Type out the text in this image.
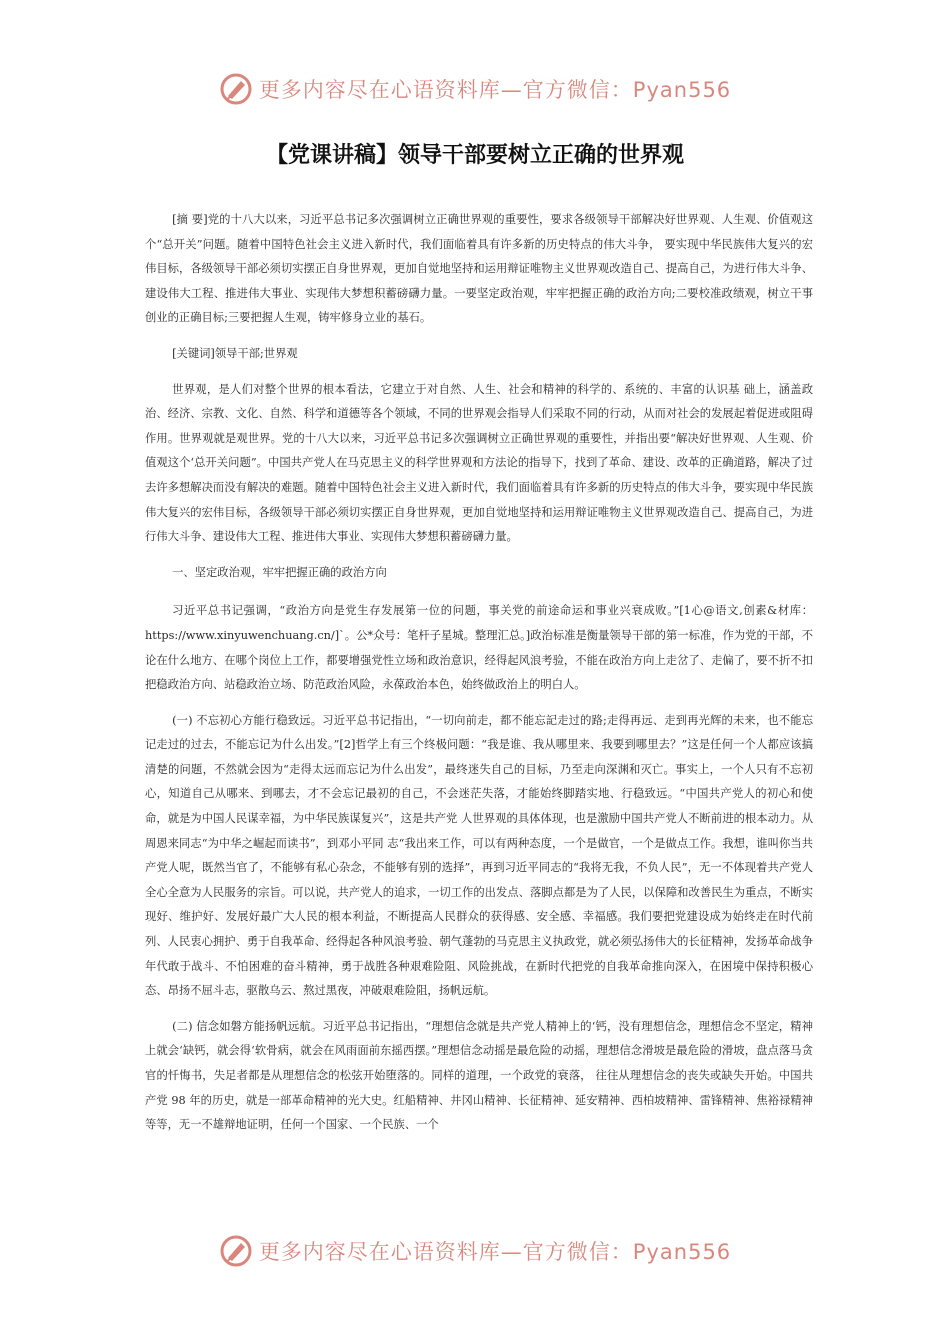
更多内容尽在心语资料库—官方微信：Pyan556
【党课讲稿】领导干部要树立正确的世界观

[摘 要]党的十八大以来，习近平总书记多次强调树立正确世界观的重要性，要求各级领导干部解决好世界观、人生观、价值观这个“总开关”问题。随着中国特色社会主义进入新时代，我们面临着具有许多新的历史特点的伟大斗争， 要实现中华民族伟大复兴的宏伟目标，各级领导干部必须切实摆正自身世界观，更加自觉地坚持和运用辩证唯物主义世界观改造自己、提高自己，为进行伟大斗争、建设伟大工程、推进伟大事业、实现伟大梦想积蓄磅礴力量。一要坚定政治观，牢牢把握正确的政治方向;二要校准政绩观，树立干事创业的正确目标;三要把握人生观，铸牢修身立业的基石。

[关键词]领导干部;世界观

世界观，是人们对整个世界的根本看法，它建立于对自然、人生、社会和精神的科学的、系统的、丰富的认识基 础上，涵盖政治、经济、宗教、文化、自然、科学和道德等各个领域，不同的世界观会指导人们采取不同的行动，从而对社会的发展起着促进或阻碍作用。世界观就是观世界。党的十八大以来，习近平总书记多次强调树立正确世界观的重要性，并指出要“解决好世界观、人生观、价值观这个‘总开关问题”。中国共产党人在马克思主义的科学世界观和方法论的指导下，找到了革命、建设、改革的正确道路，解决了过去许多想解决而没有解决的难题。随着中国特色社会主义进入新时代，我们面临着具有许多新的历史特点的伟大斗争，要实现中华民族伟大复兴的宏伟目标，各级领导干部必须切实摆正自身世界观，更加自觉地坚持和运用辩证唯物主义世界观改造自己、提高自己，为进行伟大斗争、建设伟大工程、推进伟大事业、实现伟大梦想积蓄磅礴力量。

一、坚定政治观，牢牢把握正确的政治方向

习近平总书记强调，“政治方向是党生存发展第一位的问题，事关党的前途命运和事业兴衰成败。”[1心@语文,创素&材库：https://www.xinyuwenchuang.cn/]`。公*众号：笔杆子星城。整理汇总。]政治标准是衡量领导干部的第一标准，作为党的干部，不论在什么地方、在哪个岗位上工作，都要增强党性立场和政治意识，经得起风浪考验，不能在政治方向上走岔了、走偏了，要不折不扣把稳政治方向、站稳政治立场、防范政治风险，永葆政治本色，始终做政治上的明白人。

(一) 不忘初心方能行稳致远。习近平总书记指出，“一切向前走，都不能忘記走过的路;走得再远、走到再光辉的未来，也不能忘记走过的过去，不能忘记为什么出发。”[2]哲学上有三个终极问题：“我是谁、我从哪里来、我要到哪里去？”这是任何一个人都应该搞清楚的问题，不然就会因为“走得太远而忘记为什么出发”，最终迷失自己的目标，乃至走向深渊和灭亡。事实上，一个人只有不忘初心，知道自己从哪来、到哪去，才不会忘记最初的自己，不会迷茫失落，才能始终脚踏实地、行稳致远。“中国共产党人的初心和使命，就是为中国人民谋幸福，为中华民族谋复兴”，这是共产党 人世界观的具体体现，也是激励中国共产党人不断前进的根本动力。从周恩来同志“为中华之崛起而读书”，到邓小平同 志“我出来工作，可以有两种态度，一个是做官，一个是做点工作。我想，谁叫你当共产党人呢，既然当官了，不能够有私心杂念，不能够有别的选择”，再到习近平同志的“我将无我，不负人民”，无一不体现着共产党人全心全意为人民服务的宗旨。可以说，共产党人的追求，一切工作的出发点、落脚点都是为了人民，以保障和改善民生为重点，不断实现好、维护好、发展好最广大人民的根本利益，不断提高人民群众的获得感、安全感、幸福感。我们要把党建设成为始终走在时代前列、人民衷心拥护、勇于自我革命、经得起各种风浪考验、朝气蓬勃的马克思主义执政党，就必须弘扬伟大的长征精神，发扬革命战争年代敢于战斗、不怕困难的奋斗精神，勇于战胜各种艰难险阻、风险挑战，在新时代把党的自我革命推向深入，在困境中保持积极心态、昂扬不屈斗志，驱散乌云、熬过黑夜，冲破艰难险阻，扬帆远航。

(二) 信念如磐方能扬帆远航。习近平总书记指出，“理想信念就是共产党人精神上的‘钙，没有理想信念，理想信念不坚定，精神上就会‘缺钙，就会得‘软骨病，就会在风雨面前东摇西摆。”理想信念动摇是最危险的动摇，理想信念滑坡是最危险的滑坡，盘点落马贪官的忏悔书，失足者都是从理想信念的松弦开始堕落的。同样的道理，一个政党的衰落， 往往从理想信念的丧失或缺失开始。中国共产党 98 年的历史，就是一部革命精神的光大史。红船精神、井冈山精神、长征精神、延安精神、西柏坡精神、雷锋精神、焦裕禄精神等等，无一不雄辩地证明，任何一个国家、一个民族、一个

更多内容尽在心语资料库—官方微信：Pyan556
